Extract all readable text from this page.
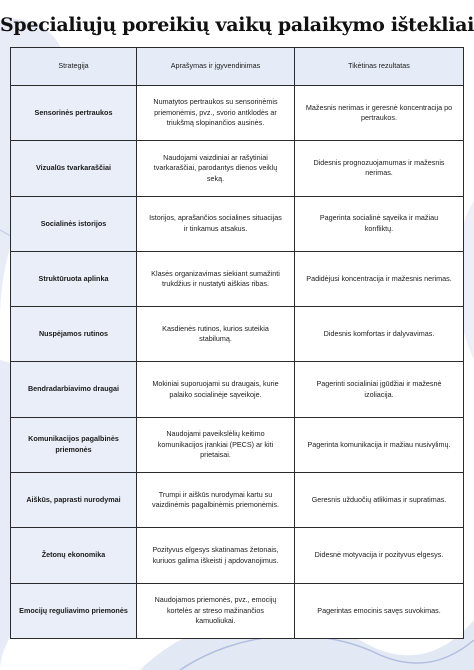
Specialiųjų poreikių vaikų palaikymo ištekliai
Strategija	Aprašymas ir įgyvendinimas	Tikėtinas rezultatas
Sensorinės pertraukos	Numatytos pertraukos su sensorinėmis priemonėmis, pvz., svorio antklodės ar triukšmą slopinančios ausinės.	Mažesnis nerimas ir geresnė koncentracija po pertraukos.
Vizualūs tvarkaraščiai	Naudojami vaizdiniai ar rašytiniai tvarkaraščiai, parodantys dienos veiklų seką.	Didesnis prognozuojamumas ir mažesnis nerimas.
Socialinės istorijos	Istorijos, aprašančios socialines situacijas ir tinkamus atsakus.	Pagerinta socialinė sąveika ir mažiau konfliktų.
Struktūruota aplinka	Klasės organizavimas siekiant sumažinti trukdžius ir nustatyti aiškias ribas.	Padidėjusi koncentracija ir mažesnis nerimas.
Nuspėjamos rutinos	Kasdienės rutinos, kurios suteikia stabilumą.	Didesnis komfortas ir dalyvavimas.
Bendradarbiavimo draugai	Mokiniai suporuojami su draugais, kurie palaiko socialinėje sąveikoje.	Pagerinti socialiniai įgūdžiai ir mažesnė izoliacija.
Komunikacijos pagalbinės priemonės	Naudojami paveikslėlių keitimo komunikacijos įrankiai (PECS) ar kiti prietaisai.	Pagerinta komunikacija ir mažiau nusivylimų.
Aiškūs, paprasti nurodymai	Trumpi ir aiškūs nurodymai kartu su vaizdinėmis pagalbinėmis priemonėmis.	Geresnis užduočių atlikimas ir supratimas.
Žetonų ekonomika	Pozityvus elgesys skatinamas žetonais, kuriuos galima iškeisti į apdovanojimus.	Didesnė motyvacija ir pozityvus elgesys.
Emocijų reguliavimo priemonės	Naudojamos priemonės, pvz., emocijų kortelės ar streso mažinančios kamuoliukai.	Pagerintas emocinis savęs suvokimas.
